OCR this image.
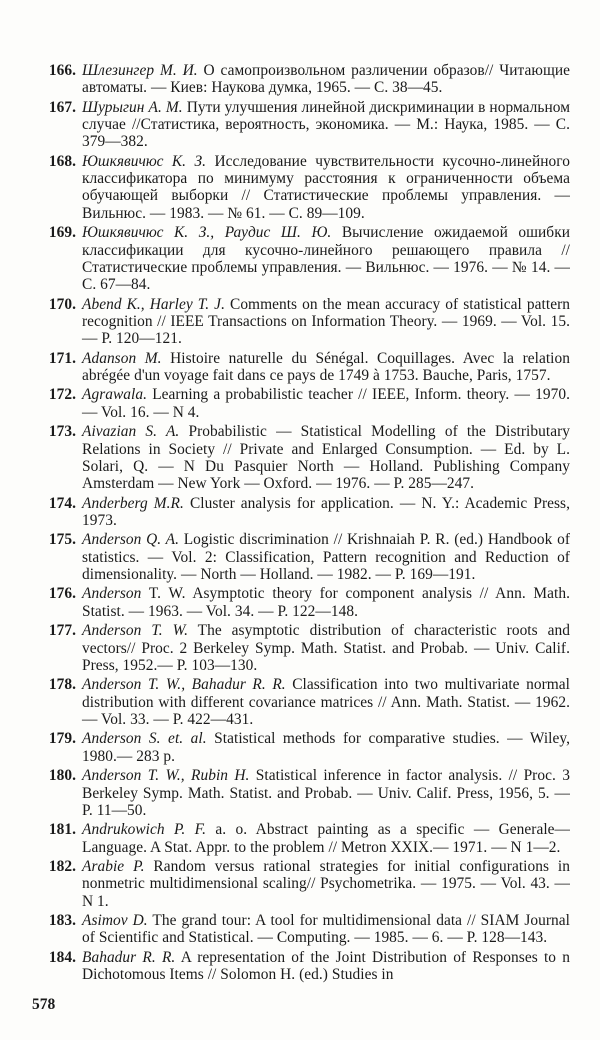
166. Шлезингер М. И. О самопроизвольном различении образов// Читающие автоматы. — Киев: Наукова думка, 1965. — С. 38—45.
167. Шурыгин А. М. Пути улучшения линейной дискриминации в нормальном случае //Статистика, вероятность, экономика. — М.: Наука, 1985. — С. 379—382.
168. Юшкявичюс К. З. Исследование чувствительности кусочно-линейного классификатора по минимуму расстояния к ограниченности объема обучающей выборки // Статистические проблемы управления. — Вильнюс. — 1983. — № 61. — С. 89—109.
169. Юшкявичюс К. З., Раудис Ш. Ю. Вычисление ожидаемой ошибки классификации для кусочно-линейного решающего правила // Статистические проблемы управления. — Вильнюс. — 1976. — № 14. — С. 67—84.
170. Abend K., Harley T. J. Comments on the mean accuracy of statistical pattern recognition // IEEE Transactions on Information Theory. — 1969. — Vol. 15. — P. 120—121.
171. Adanson M. Histoire naturelle du Sénégal. Coquillages. Avec la relation abrégée d'un voyage fait dans ce pays de 1749 à 1753. Bauche, Paris, 1757.
172. Agrawala. Learning a probabilistic teacher // IEEE, Inform. theory. — 1970. — Vol. 16. — N 4.
173. Aivazian S. A. Probabilistic — Statistical Modelling of the Distributary Relations in Society // Private and Enlarged Consumption. — Ed. by L. Solari, Q. — N Du Pasquier North — Holland. Publishing Company Amsterdam — New York — Oxford. — 1976. — P. 285—247.
174. Anderberg M.R. Cluster analysis for application. — N. Y.: Academic Press, 1973.
175. Anderson Q. A. Logistic discrimination // Krishnaiah P. R. (ed.) Handbook of statistics. — Vol. 2: Classification, Pattern recognition and Reduction of dimensionality. — North — Holland. — 1982. — P. 169—191.
176. Anderson T. W. Asymptotic theory for component analysis // Ann. Math. Statist. — 1963. — Vol. 34. — P. 122—148.
177. Anderson T. W. The asymptotic distribution of characteristic roots and vectors// Proc. 2 Berkeley Symp. Math. Statist. and Probab. — Univ. Calif. Press, 1952.— P. 103—130.
178. Anderson T. W., Bahadur R. R. Classification into two multivariate normal distribution with different covariance matrices // Ann. Math. Statist. — 1962. — Vol. 33. — P. 422—431.
179. Anderson S. et. al. Statistical methods for comparative studies. — Wiley, 1980.— 283 p.
180. Anderson T. W., Rubin H. Statistical inference in factor analysis. // Proc. 3 Berkeley Symp. Math. Statist. and Probab. — Univ. Calif. Press, 1956, 5. — P. 11—50.
181. Andrukowich P. F. a. o. Abstract painting as a specific — Generale— Language. A Stat. Appr. to the problem // Metron XXIX.— 1971. — N 1—2.
182. Arabie P. Random versus rational strategies for initial configurations in nonmetric multidimensional scaling// Psychometrika. — 1975. — Vol. 43. — N 1.
183. Asimov D. The grand tour: A tool for multidimensional data // SIAM Journal of Scientific and Statistical. — Computing. — 1985. — 6. — P. 128—143.
184. Bahadur R. R. A representation of the Joint Distribution of Responses to n Dichotomous Items // Solomon H. (ed.) Studies in
578
